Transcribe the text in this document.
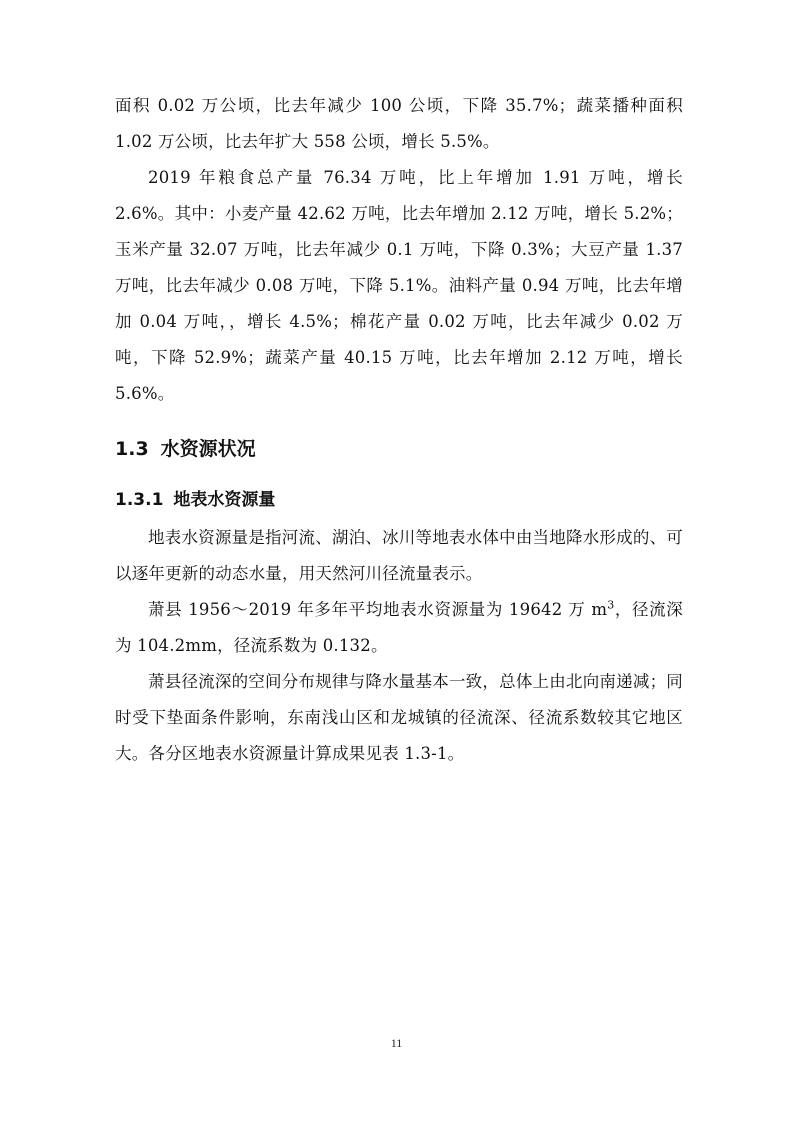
面积 0.02 万公顷，比去年减少 100 公顷，下降 35.7%；蔬菜播种面积 1.02 万公顷，比去年扩大 558 公顷，增长 5.5%。

2019 年粮食总产量 76.34 万吨，比上年增加 1.91 万吨，增长 2.6%。其中：小麦产量 42.62 万吨，比去年增加 2.12 万吨，增长 5.2%；玉米产量 32.07 万吨，比去年减少 0.1 万吨，下降 0.3%；大豆产量 1.37 万吨，比去年减少 0.08 万吨，下降 5.1%。油料产量 0.94 万吨，比去年增加 0.04 万吨，，增长 4.5%；棉花产量 0.02 万吨，比去年减少 0.02 万吨，下降 52.9%；蔬菜产量 40.15 万吨，比去年增加 2.12 万吨，增长 5.6%。

1.3 水资源状况
1.3.1 地表水资源量

地表水资源量是指河流、湖泊、冰川等地表水体中由当地降水形成的、可以逐年更新的动态水量，用天然河川径流量表示。

萧县 1956～2019 年多年平均地表水资源量为 19642 万 $m^3$，径流深为 104.2mm，径流系数为 0.132。

萧县径流深的空间分布规律与降水量基本一致，总体上由北向南递减；同时受下垫面条件影响，东南浅山区和龙城镇的径流深、径流系数较其它地区大。各分区地表水资源量计算成果见表 1.3-1。

11
